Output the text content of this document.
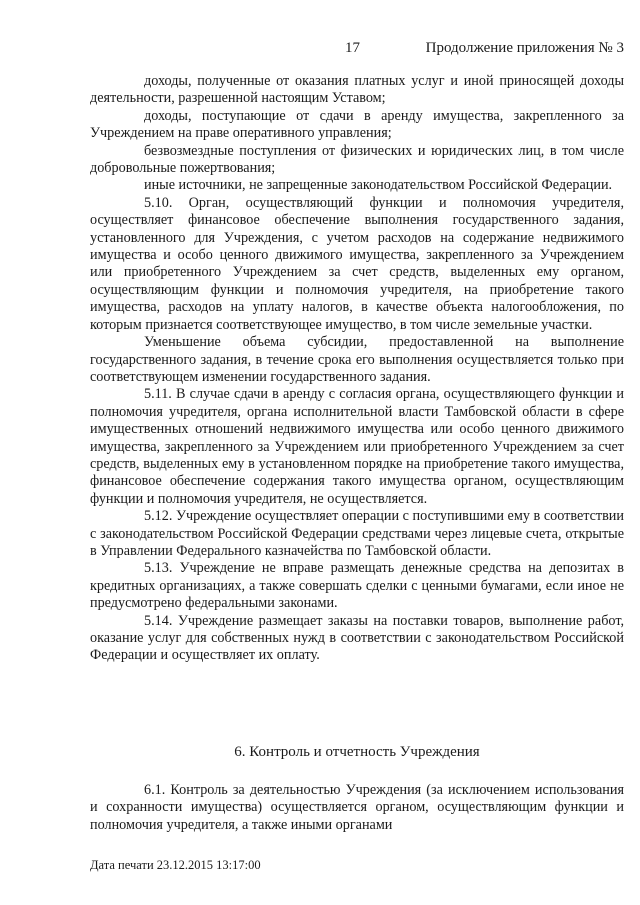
17	Продолжение приложения № 3

доходы, полученные от оказания платных услуг и иной приносящей доходы деятельности, разрешенной настоящим Уставом;

доходы, поступающие от сдачи в аренду имущества, закрепленного за Учреждением на праве оперативного управления;

безвозмездные поступления от физических и юридических лиц, в том числе добровольные пожертвования;

иные источники, не запрещенные законодательством Российской Федерации.

5.10. Орган, осуществляющий функции и полномочия учредителя, осуществляет финансовое обеспечение выполнения государственного задания, установленного для Учреждения, с учетом расходов на содержание недвижимого имущества и особо ценного движимого имущества, закрепленного за Учреждением или приобретенного Учреждением за счет средств, выделенных ему органом, осуществляющим функции и полномочия учредителя, на приобретение такого имущества, расходов на уплату налогов, в качестве объекта налогообложения, по которым признается соответствующее имущество, в том числе земельные участки.

Уменьшение объема субсидии, предоставленной на выполнение государственного задания, в течение срока его выполнения осуществляется только при соответствующем изменении государственного задания.

5.11. В случае сдачи в аренду с согласия органа, осуществляющего функции и полномочия учредителя, органа исполнительной власти Тамбовской области в сфере имущественных отношений недвижимого имущества или особо ценного движимого имущества, закрепленного за Учреждением или приобретенного Учреждением за счет средств, выделенных ему в установленном порядке на приобретение такого имущества, финансовое обеспечение содержания такого имущества органом, осуществляющим функции и полномочия учредителя, не осуществляется.

5.12. Учреждение осуществляет операции с поступившими ему в соответствии с законодательством Российской Федерации средствами через лицевые счета, открытые в Управлении Федерального казначейства по Тамбовской области.

5.13. Учреждение не вправе размещать денежные средства на депозитах в кредитных организациях, а также совершать сделки с ценными бумагами, если иное не предусмотрено федеральными законами.

5.14. Учреждение размещает заказы на поставки товаров, выполнение работ, оказание услуг для собственных нужд в соответствии с законодательством Российской Федерации и осуществляет их оплату.

6. Контроль и отчетность Учреждения

6.1. Контроль за деятельностью Учреждения (за исключением использования и сохранности имущества) осуществляется органом, осуществляющим функции и полномочия учредителя, а также иными органами

Дата печати 23.12.2015 13:17:00
